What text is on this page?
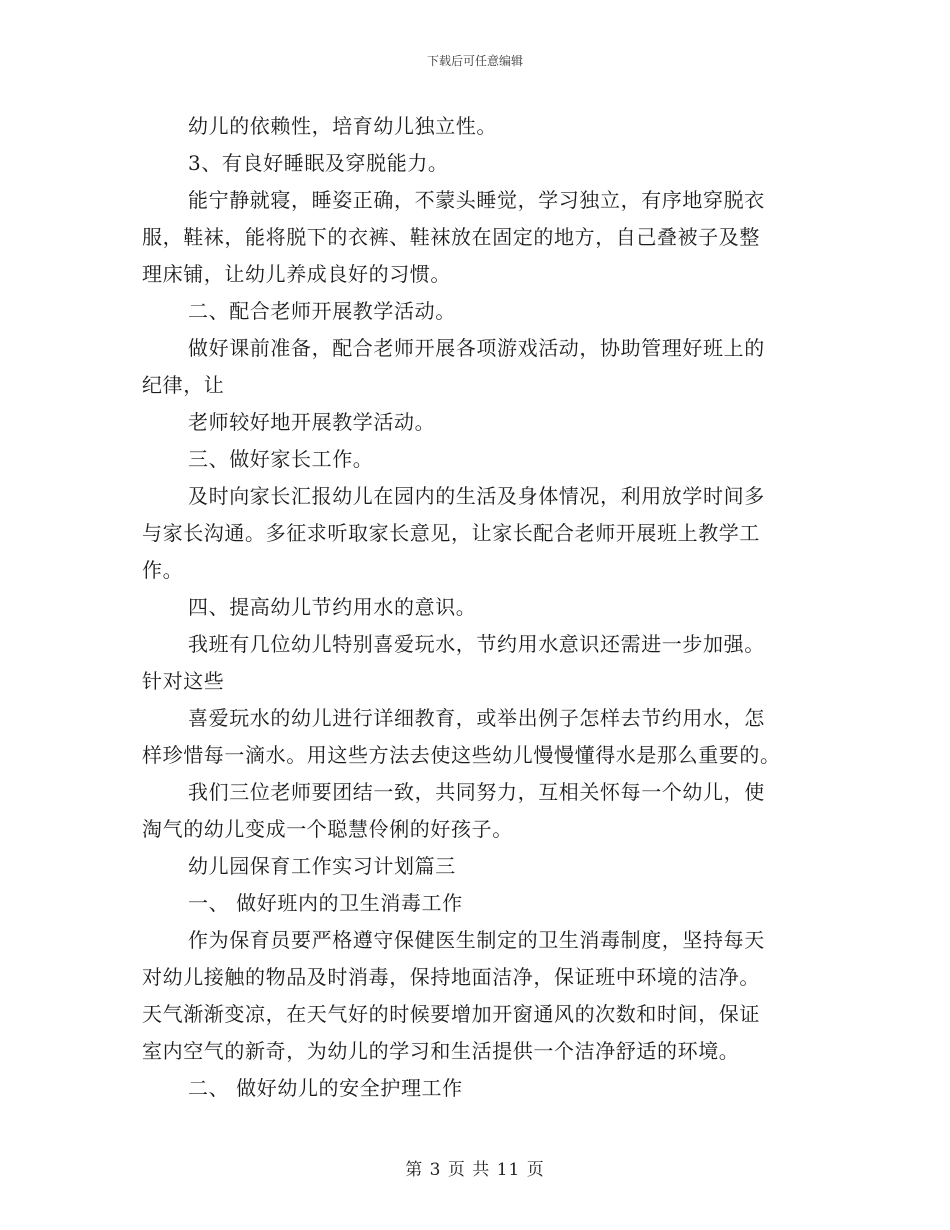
下载后可任意编辑
幼儿的依赖性，培育幼儿独立性。
3、有良好睡眠及穿脱能力。
能宁静就寝，睡姿正确，不蒙头睡觉，学习独立，有序地穿脱衣
服，鞋袜，能将脱下的衣裤、鞋袜放在固定的地方，自己叠被子及整
理床铺，让幼儿养成良好的习惯。
二、配合老师开展教学活动。
做好课前准备，配合老师开展各项游戏活动，协助管理好班上的
纪律，让
老师较好地开展教学活动。
三、做好家长工作。
及时向家长汇报幼儿在园内的生活及身体情况，利用放学时间多
与家长沟通。多征求听取家长意见，让家长配合老师开展班上教学工
作。
四、提高幼儿节约用水的意识。
我班有几位幼儿特别喜爱玩水，节约用水意识还需进一步加强。
针对这些
喜爱玩水的幼儿进行详细教育，或举出例子怎样去节约用水，怎
样珍惜每一滴水。用这些方法去使这些幼儿慢慢懂得水是那么重要的。
我们三位老师要团结一致，共同努力，互相关怀每一个幼儿，使
淘气的幼儿变成一个聪慧伶俐的好孩子。
幼儿园保育工作实习计划篇三
一、 做好班内的卫生消毒工作
作为保育员要严格遵守保健医生制定的卫生消毒制度，坚持每天
对幼儿接触的物品及时消毒，保持地面洁净，保证班中环境的洁净。
天气渐渐变凉，在天气好的时候要增加开窗通风的次数和时间，保证
室内空气的新奇，为幼儿的学习和生活提供一个洁净舒适的环境。
二、 做好幼儿的安全护理工作
第 3 页 共 11 页
